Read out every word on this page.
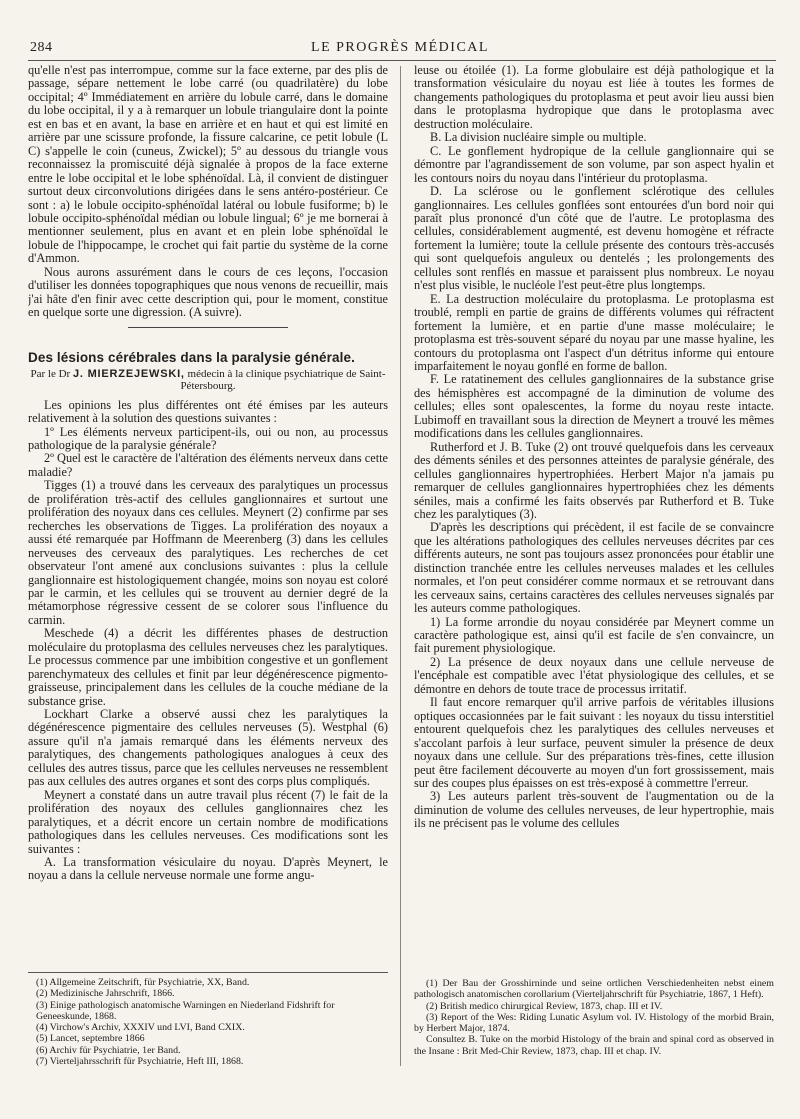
284	LE PROGRÈS MÉDICAL

qu'elle n'est pas interrompue, comme sur la face externe, par des plis de passage, sépare nettement le lobe carré (ou quadrilatère) du lobe occipital; 4º Immédiatement en arrière du lobule carré, dans le domaine du lobe occipital, il y a à remarquer un lobule triangulaire dont la pointe est en bas et en avant, la base en arrière et en haut et qui est limité en arrière par une scissure profonde, la fissure calcarine, ce petit lobule (L C) s'appelle le coin (cuneus, Zwickel); 5º au dessous du triangle vous reconnaissez la promiscuité déjà signalée à propos de la face externe entre le lobe occipital et le lobe sphénoïdal. Là, il convient de distinguer surtout deux circonvolutions dirigées dans le sens antéro-postérieur. Ce sont : a) le lobule occipito-sphénoïdal latéral ou lobule fusiforme; b) le lobule occipito-sphénoïdal médian ou lobule lingual; 6º je me bornerai à mentionner seulement, plus en avant et en plein lobe sphénoïdal le lobule de l'hippocampe, le crochet qui fait partie du système de la corne d'Ammon.

Nous aurons assurément dans le cours de ces leçons, l'occasion d'utiliser les données topographiques que nous venons de recueillir, mais j'ai hâte d'en finir avec cette description qui, pour le moment, constitue en quelque sorte une digression. (A suivre).

Des lésions cérébrales dans la paralysie générale.
Par le Dr J. MIERZEJEWSKI, médecin à la clinique psychiatrique de Saint-Pétersbourg.

Les opinions les plus différentes ont été émises par les auteurs relativement à la solution des questions suivantes :

1º Les éléments nerveux participent-ils, oui ou non, au processus pathologique de la paralysie générale?

2º Quel est le caractère de l'altération des éléments nerveux dans cette maladie?

Tigges (1) a trouvé dans les cerveaux des paralytiques un processus de prolifération très-actif des cellules ganglionnaires et surtout une prolifération des noyaux dans ces cellules. Meynert (2) confirme par ses recherches les observations de Tigges. La prolifération des noyaux a aussi été remarquée par Hoffmann de Meerenberg (3) dans les cellules nerveuses des cerveaux des paralytiques. Les recherches de cet observateur l'ont amené aux conclusions suivantes : plus la cellule ganglionnaire est histologiquement changée, moins son noyau est coloré par le carmin, et les cellules qui se trouvent au dernier degré de la métamorphose régressive cessent de se colorer sous l'influence du carmin.

Meschede (4) a décrit les différentes phases de destruction moléculaire du protoplasma des cellules nerveuses chez les paralytiques. Le processus commence par une imbibition congestive et un gonflement parenchymateux des cellules et finit par leur dégénérescence pigmento-graisseuse, principalement dans les cellules de la couche médiane de la substance grise.

Lockhart Clarke a observé aussi chez les paralytiques la dégénérescence pigmentaire des cellules nerveuses (5). Westphal (6) assure qu'il n'a jamais remarqué dans les éléments nerveux des paralytiques, des changements pathologiques analogues à ceux des cellules des autres tissus, parce que les cellules nerveuses ne ressemblent pas aux cellules des autres organes et sont des corps plus compliqués.

Meynert a constaté dans un autre travail plus récent (7) le fait de la prolifération des noyaux des cellules ganglionnaires chez les paralytiques, et a décrit encore un certain nombre de modifications pathologiques dans les cellules nerveuses. Ces modifications sont les suivantes :

A. La transformation vésiculaire du noyau. D'après Meynert, le noyau a dans la cellule nerveuse normale une forme angu-

leuse ou étoilée (1). La forme globulaire est déjà pathologique et la transformation vésiculaire du noyau est liée à toutes les formes de changements pathologiques du protoplasma et peut avoir lieu aussi bien dans le protoplasma hydropique que dans le protoplasma avec destruction moléculaire.

B. La division nucléaire simple ou multiple.

C. Le gonflement hydropique de la cellule ganglionnaire qui se démontre par l'agrandissement de son volume, par son aspect hyalin et les contours noirs du noyau dans l'intérieur du protoplasma.

D. La sclérose ou le gonflement sclérotique des cellules ganglionnaires. Les cellules gonflées sont entourées d'un bord noir qui paraît plus prononcé d'un côté que de l'autre. Le protoplasma des cellules, considérablement augmenté, est devenu homogène et réfracte fortement la lumière; toute la cellule présente des contours très-accusés qui sont quelquefois anguleux ou dentelés ; les prolongements des cellules sont renflés en massue et paraissent plus nombreux. Le noyau n'est plus visible, le nucléole l'est peut-être plus longtemps.

E. La destruction moléculaire du protoplasma. Le protoplasma est troublé, rempli en partie de grains de différents volumes qui réfractent fortement la lumière, et en partie d'une masse moléculaire; le protoplasma est très-souvent séparé du noyau par une masse hyaline, les contours du protoplasma ont l'aspect d'un détritus informe qui entoure imparfaitement le noyau gonflé en forme de ballon.

F. Le ratatinement des cellules ganglionnaires de la substance grise des hémisphères est accompagné de la diminution de volume des cellules; elles sont opalescentes, la forme du noyau reste intacte. Lubimoff en travaillant sous la direction de Meynert a trouvé les mêmes modifications dans les cellules ganglionnaires.

Rutherford et J. B. Tuke (2) ont trouvé quelquefois dans les cerveaux des déments séniles et des personnes atteintes de paralysie générale, des cellules ganglionnaires hypertrophiées. Herbert Major n'a jamais pu remarquer de cellules ganglionnaires hypertrophiées chez les déments séniles, mais a confirmé les faits observés par Rutherford et B. Tuke chez les paralytiques (3).

D'après les descriptions qui précèdent, il est facile de se convaincre que les altérations pathologiques des cellules nerveuses décrites par ces différents auteurs, ne sont pas toujours assez prononcées pour établir une distinction tranchée entre les cellules nerveuses malades et les cellules normales, et l'on peut considérer comme normaux et se retrouvant dans les cerveaux sains, certains caractères des cellules nerveuses signalés par les auteurs comme pathologiques.

1) La forme arrondie du noyau considérée par Meynert comme un caractère pathologique est, ainsi qu'il est facile de s'en convaincre, un fait purement physiologique.

2) La présence de deux noyaux dans une cellule nerveuse de l'encéphale est compatible avec l'état physiologique des cellules, et se démontre en dehors de toute trace de processus irritatif.

Il faut encore remarquer qu'il arrive parfois de véritables illusions optiques occasionnées par le fait suivant : les noyaux du tissu interstitiel entourent quelquefois chez les paralytiques des cellules nerveuses et s'accolant parfois à leur surface, peuvent simuler la présence de deux noyaux dans une cellule. Sur des préparations très-fines, cette illusion peut être facilement découverte au moyen d'un fort grossissement, mais sur des coupes plus épaisses on est très-exposé à commettre l'erreur.

3) Les auteurs parlent très-souvent de l'augmentation ou de la diminution de volume des cellules nerveuses, de leur hypertrophie, mais ils ne précisent pas le volume des cellules

(1) Allgemeine Zeitschrift, für Psychiatrie, XX, Band.

(2) Medizinische Jahrschrift, 1866.

(3) Einige pathologisch anatomische Warningen en Niederland Fidshrift for Geneeskunde, 1868.

(4) Virchow's Archiv, XXXIV und LVI, Band CXIX.

(5) Lancet, septembre 1866

(6) Archiv für Psychiatrie, 1er Band.

(7) Vierteljahrsschrift für Psychiatrie, Heft III, 1868.

(1) Der Bau der Grosshirninde und seine ortlichen Verschiedenheiten nebst einem pathologisch anatomischen corollarium (Vierteljahrschrift für Psychiatrie, 1867, 1 Heft).

(2) British medico chirurgical Review, 1873, chap. III et IV.

(3) Report of the Wes: Riding Lunatic Asylum vol. IV. Histology of the morbid Brain, by Herbert Major, 1874.

Consultez B. Tuke on the morbid Histology of the brain and spinal cord as observed in the Insane : Brit Med-Chir Review, 1873, chap. III et chap. IV.
